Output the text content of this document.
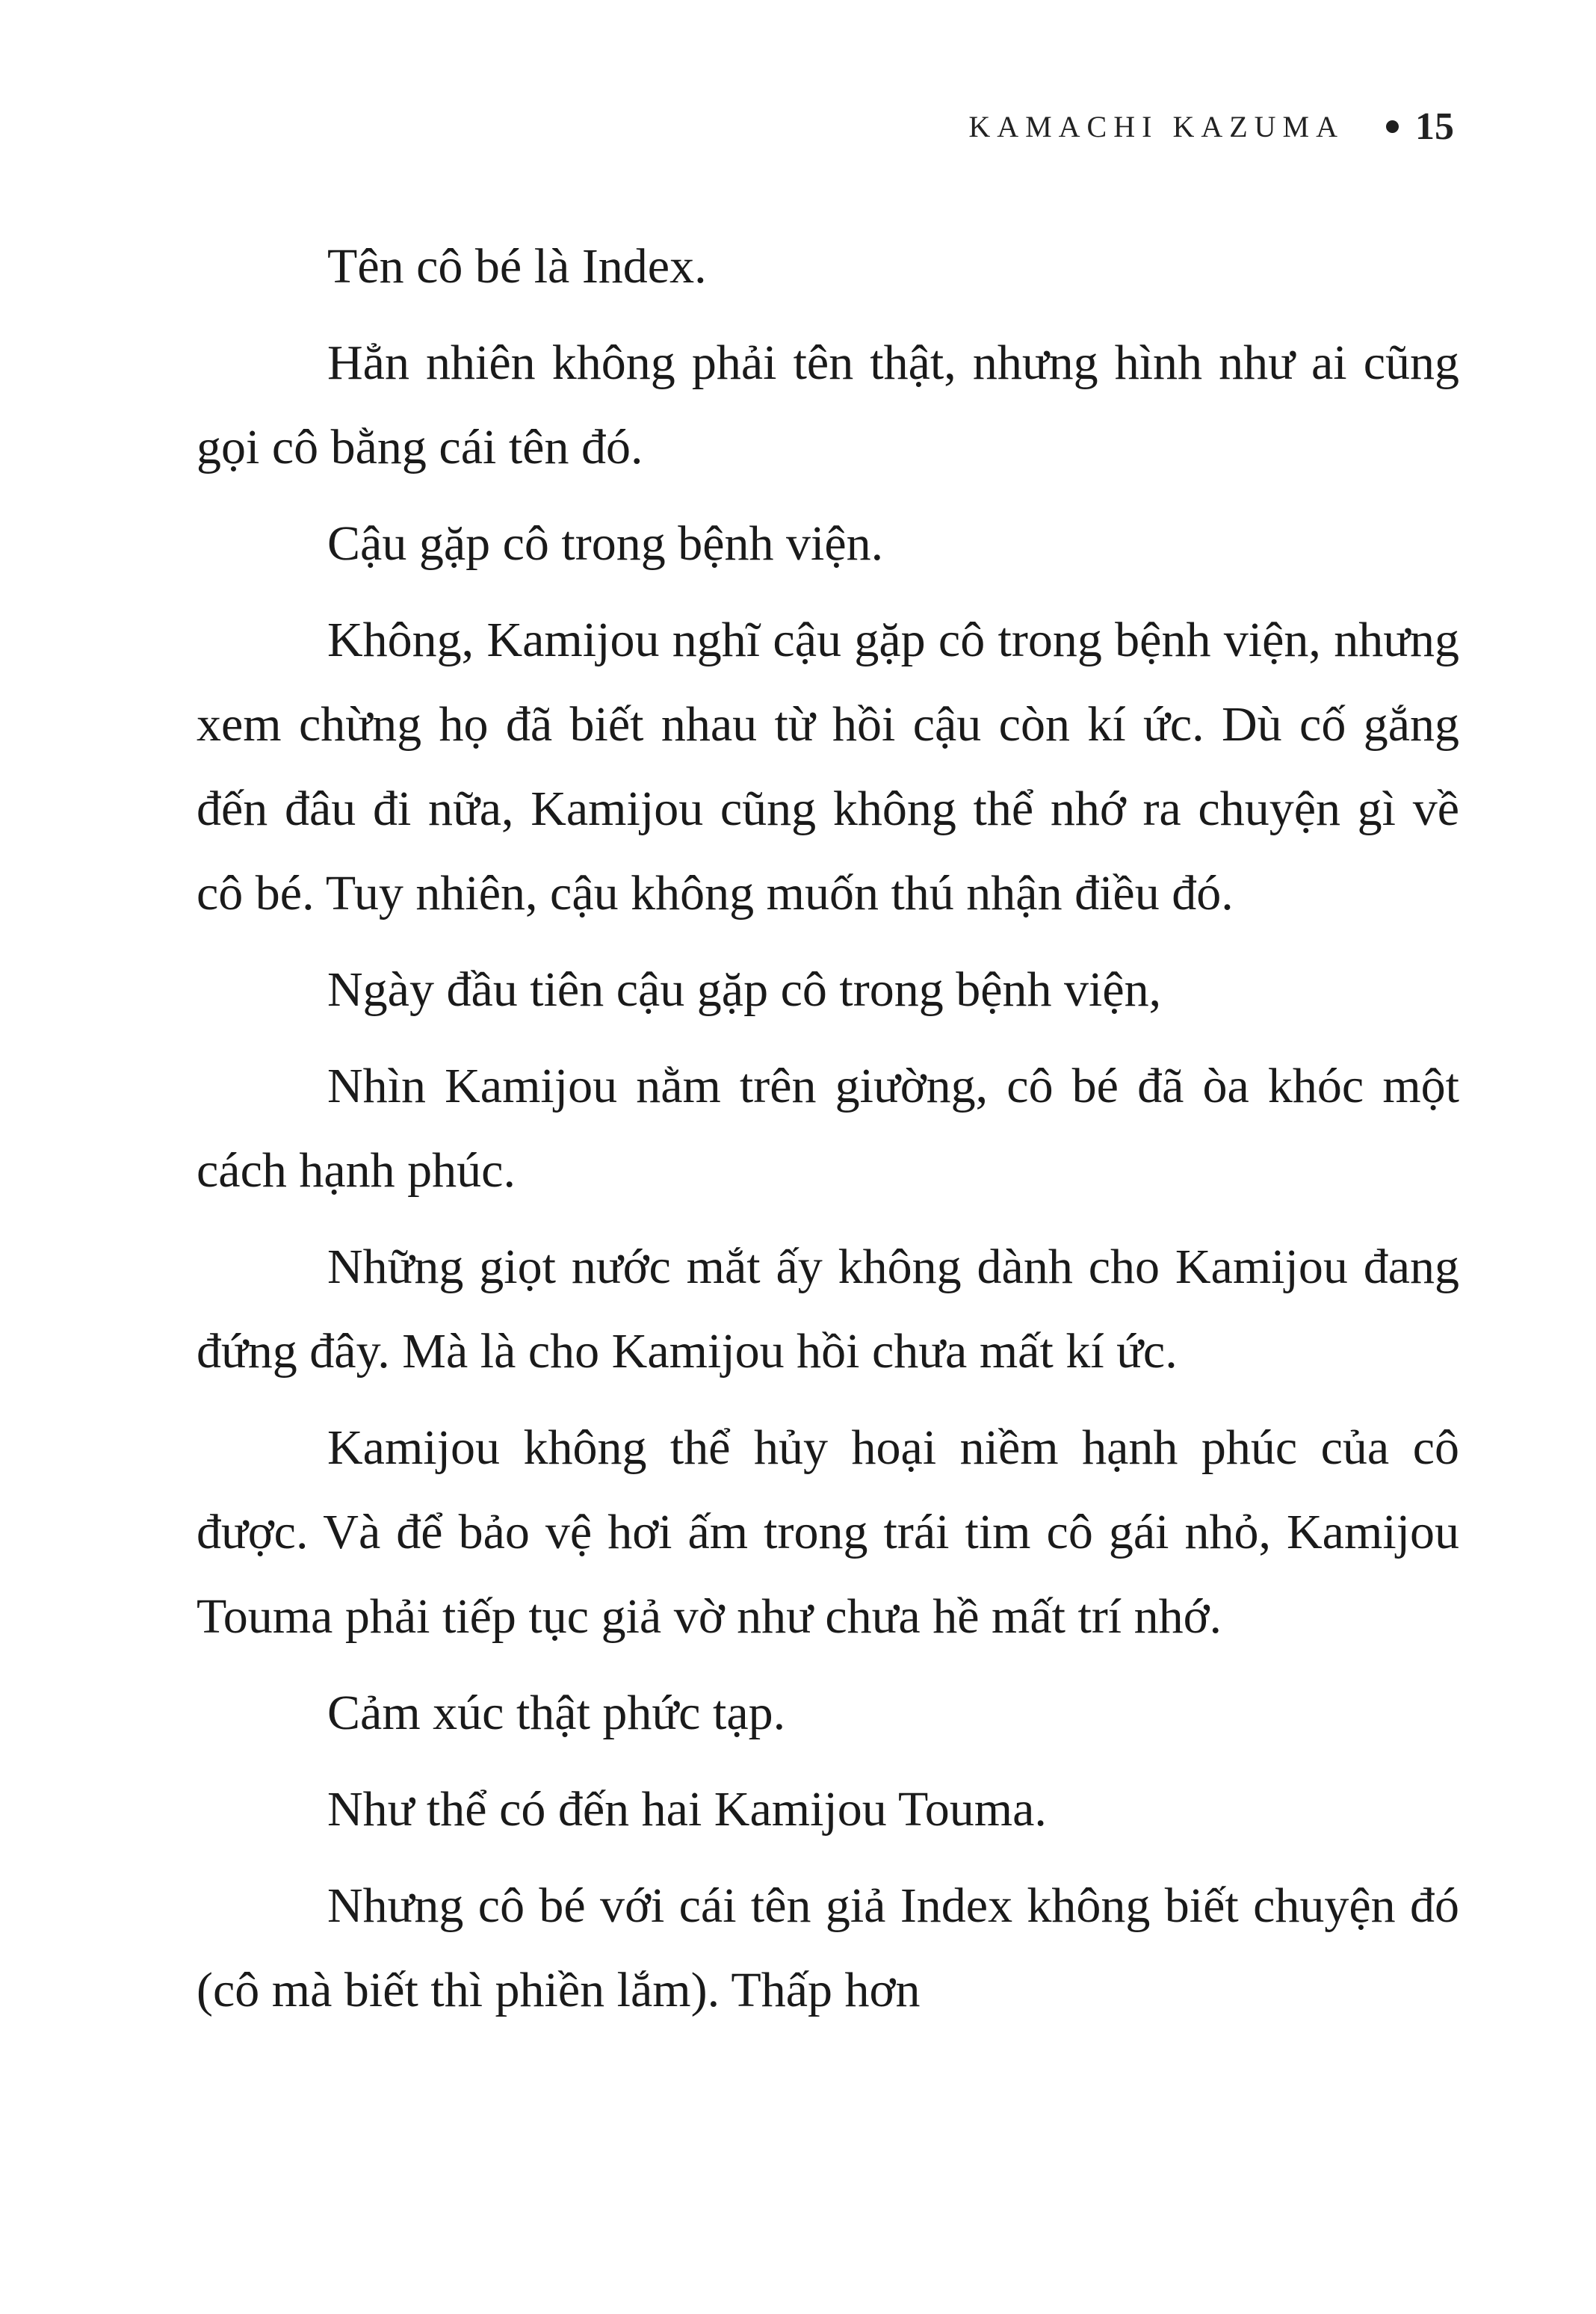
KAMACHI KAZUMA 15

Tên cô bé là Index.

Hẳn nhiên không phải tên thật, nhưng hình như ai cũng gọi cô bằng cái tên đó.

Cậu gặp cô trong bệnh viện.

Không, Kamijou nghĩ cậu gặp cô trong bệnh viện, nhưng xem chừng họ đã biết nhau từ hồi cậu còn kí ức. Dù cố gắng đến đâu đi nữa, Kamijou cũng không thể nhớ ra chuyện gì về cô bé. Tuy nhiên, cậu không muốn thú nhận điều đó.

Ngày đầu tiên cậu gặp cô trong bệnh viện,

Nhìn Kamijou nằm trên giường, cô bé đã òa khóc một cách hạnh phúc.

Những giọt nước mắt ấy không dành cho Kamijou đang đứng đây. Mà là cho Kamijou hồi chưa mất kí ức.

Kamijou không thể hủy hoại niềm hạnh phúc của cô được. Và để bảo vệ hơi ấm trong trái tim cô gái nhỏ, Kamijou Touma phải tiếp tục giả vờ như chưa hề mất trí nhớ.

Cảm xúc thật phức tạp.

Như thể có đến hai Kamijou Touma.

Nhưng cô bé với cái tên giả Index không biết chuyện đó (cô mà biết thì phiền lắm). Thấp hơn
